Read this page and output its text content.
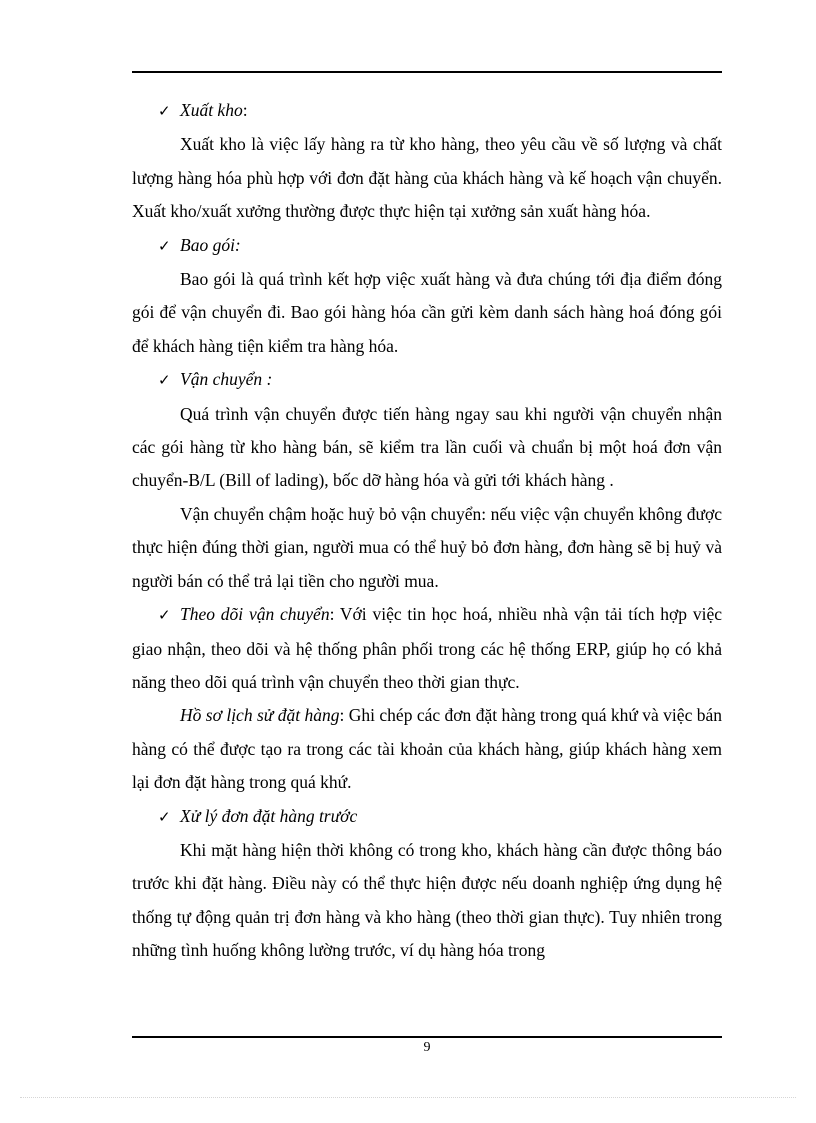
✓ Xuất kho:

Xuất kho là việc lấy hàng ra từ kho hàng, theo yêu cầu về số lượng và chất lượng hàng hóa phù hợp với đơn đặt hàng của khách hàng và kế hoạch vận chuyển. Xuất kho/xuất xưởng thường được thực hiện tại xưởng sản xuất hàng hóa.

✓ Bao gói:

Bao gói là quá trình kết hợp việc xuất hàng và đưa chúng tới địa điểm đóng gói để vận chuyển đi. Bao gói hàng hóa cần gửi kèm danh sách hàng hoá đóng gói để khách hàng tiện kiểm tra hàng hóa.

✓ Vận chuyển :

Quá trình vận chuyển được tiến hàng ngay sau khi người vận chuyển nhận các gói hàng từ kho hàng bán, sẽ kiểm tra lần cuối và chuẩn bị một hoá đơn vận chuyển-B/L (Bill of lading), bốc dỡ hàng hóa và gửi tới khách hàng .

Vận chuyển chậm hoặc huỷ bỏ vận chuyển: nếu việc vận chuyển không được thực hiện đúng thời gian, người mua có thể huỷ bỏ đơn hàng, đơn hàng sẽ bị huỷ và người bán có thể trả lại tiền cho người mua.

✓ Theo dõi vận chuyển: Với việc tin học hoá, nhiều nhà vận tải tích hợp việc giao nhận, theo dõi và hệ thống phân phối trong các hệ thống ERP, giúp họ có khả năng theo dõi quá trình vận chuyển theo thời gian thực.

Hồ sơ lịch sử đặt hàng: Ghi chép các đơn đặt hàng trong quá khứ và việc bán hàng có thể được tạo ra trong các tài khoản của khách hàng, giúp khách hàng xem lại đơn đặt hàng trong quá khứ.

✓ Xử lý đơn đặt hàng trước

Khi mặt hàng hiện thời không có trong kho, khách hàng cần được thông báo trước khi đặt hàng. Điều này có thể thực hiện được nếu doanh nghiệp ứng dụng hệ thống tự động quản trị đơn hàng và kho hàng (theo thời gian thực). Tuy nhiên trong những tình huống không lường trước, ví dụ hàng hóa trong

9
